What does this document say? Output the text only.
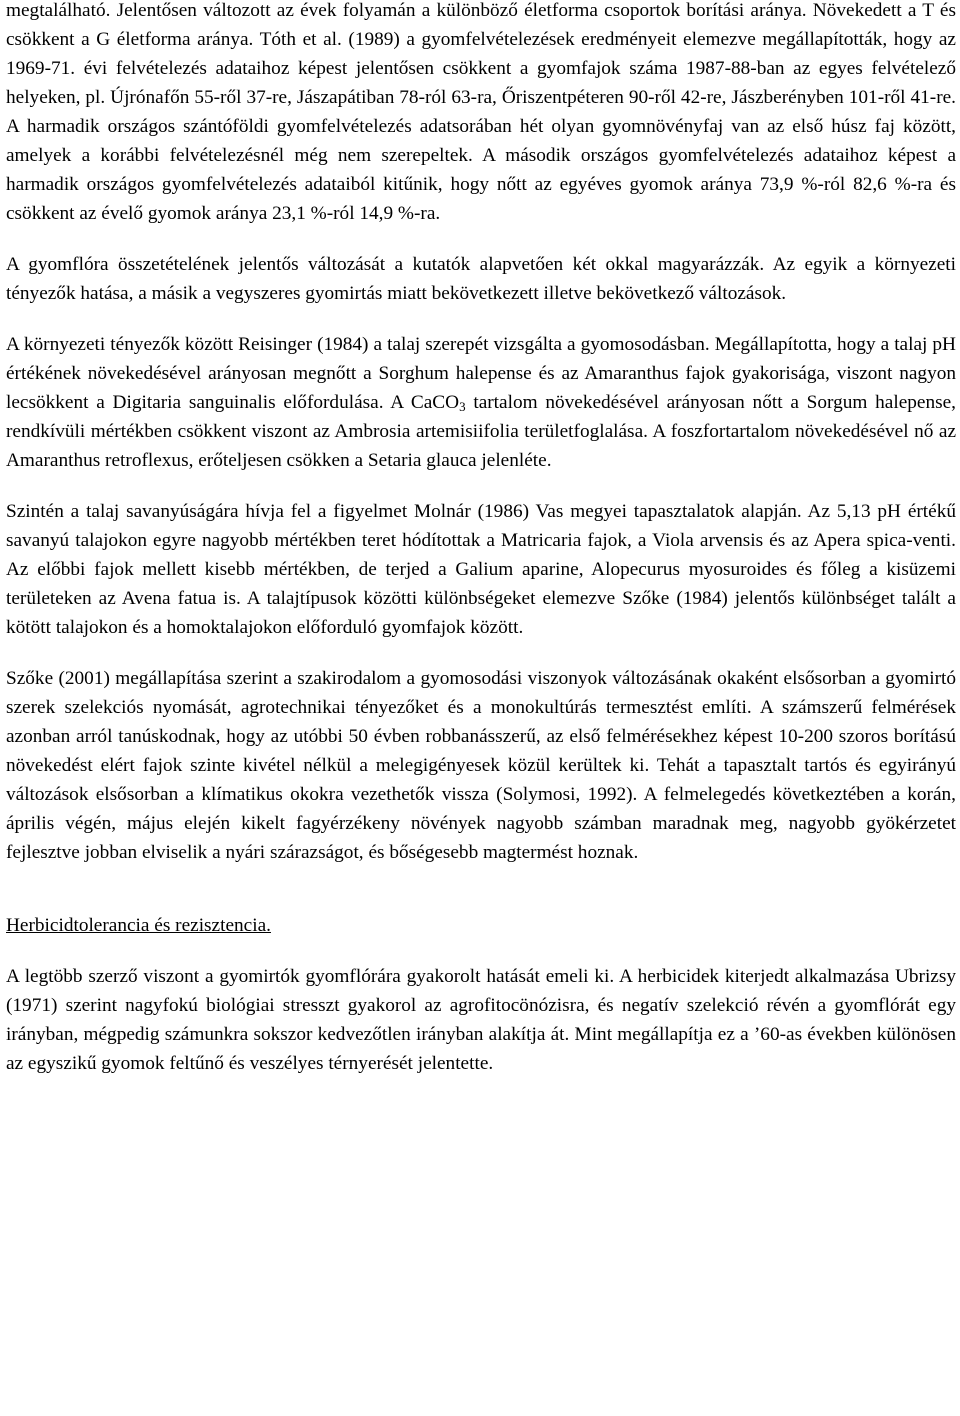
megtalálható. Jelentősen változott az évek folyamán a különböző életforma csoportok borítási aránya. Növekedett a T és csökkent a G életforma aránya. Tóth et al. (1989) a gyomfelvételezések eredményeit elemezve megállapították, hogy az 1969-71. évi felvételezés adataihoz képest jelentősen csökkent a gyomfajok száma 1987-88-ban az egyes felvételező helyeken, pl. Újrónafőn 55-ről 37-re, Jászapátiban 78-ról 63-ra, Őriszentpéteren 90-ről 42-re, Jászberényben 101-ről 41-re. A harmadik országos szántóföldi gyomfelvételezés adatsorában hét olyan gyomnövényfaj van az első húsz faj között, amelyek a korábbi felvételezésnél még nem szerepeltek. A második országos gyomfelvételezés adataihoz képest a harmadik országos gyomfelvételezés adataiból kitűnik, hogy nőtt az egyéves gyomok aránya 73,9 %-ról 82,6 %-ra és csökkent az évelő gyomok aránya 23,1 %-ról 14,9 %-ra.

A gyomflóra összetételének jelentős változását a kutatók alapvetően két okkal magyarázzák. Az egyik a környezeti tényezők hatása, a másik a vegyszeres gyomirtás miatt bekövetkezett illetve bekövetkező változások.

A környezeti tényezők között Reisinger (1984) a talaj szerepét vizsgálta a gyomosodásban. Megállapította, hogy a talaj pH értékének növekedésével arányosan megnőtt a Sorghum halepense és az Amaranthus fajok gyakorisága, viszont nagyon lecsökkent a Digitaria sanguinalis előfordulása. A CaCO$_3$ tartalom növekedésével arányosan nőtt a Sorgum halepense, rendkívüli mértékben csökkent viszont az Ambrosia artemisiifolia területfoglalása. A foszfortartalom növekedésével nő az Amaranthus retroflexus, erőteljesen csökken a Setaria glauca jelenléte.

Szintén a talaj savanyúságára hívja fel a figyelmet Molnár (1986) Vas megyei tapasztalatok alapján. Az 5,13 pH értékű savanyú talajokon egyre nagyobb mértékben teret hódítottak a Matricaria fajok, a Viola arvensis és az Apera spica-venti. Az előbbi fajok mellett kisebb mértékben, de terjed a Galium aparine, Alopecurus myosuroides és főleg a kisüzemi területeken az Avena fatua is. A talajtípusok közötti különbségeket elemezve Szőke (1984) jelentős különbséget talált a kötött talajokon és a homoktalajokon előforduló gyomfajok között.

Szőke (2001) megállapítása szerint a szakirodalom a gyomosodási viszonyok változásának okaként elsősorban a gyomirtó szerek szelekciós nyomását, agrotechnikai tényezőket és a monokultúrás termesztést említi. A számszerű felmérések azonban arról tanúskodnak, hogy az utóbbi 50 évben robbanásszerű, az első felmérésekhez képest 10-200 szoros borítású növekedést elért fajok szinte kivétel nélkül a melegigényesek közül kerültek ki. Tehát a tapasztalt tartós és egyirányú változások elsősorban a klímatikus okokra vezethetők vissza (Solymosi, 1992). A felmelegedés következtében a korán, április végén, május elején kikelt fagyérzékeny növények nagyobb számban maradnak meg, nagyobb gyökérzetet fejlesztve jobban elviselik a nyári szárazságot, és bőségesebb magtermést hoznak.

Herbicidtolerancia és rezisztencia.

A legtöbb szerző viszont a gyomirtók gyomflórára gyakorolt hatását emeli ki. A herbicidek kiterjedt alkalmazása Ubrizsy (1971) szerint nagyfokú biológiai stresszt gyakorol az agrofitocönózisra, és negatív szelekció révén a gyomflórát egy irányban, mégpedig számunkra sokszor kedvezőtlen irányban alakítja át. Mint megállapítja ez a ’60-as években különösen az egyszikű gyomok feltűnő és veszélyes térnyerését jelentette.
